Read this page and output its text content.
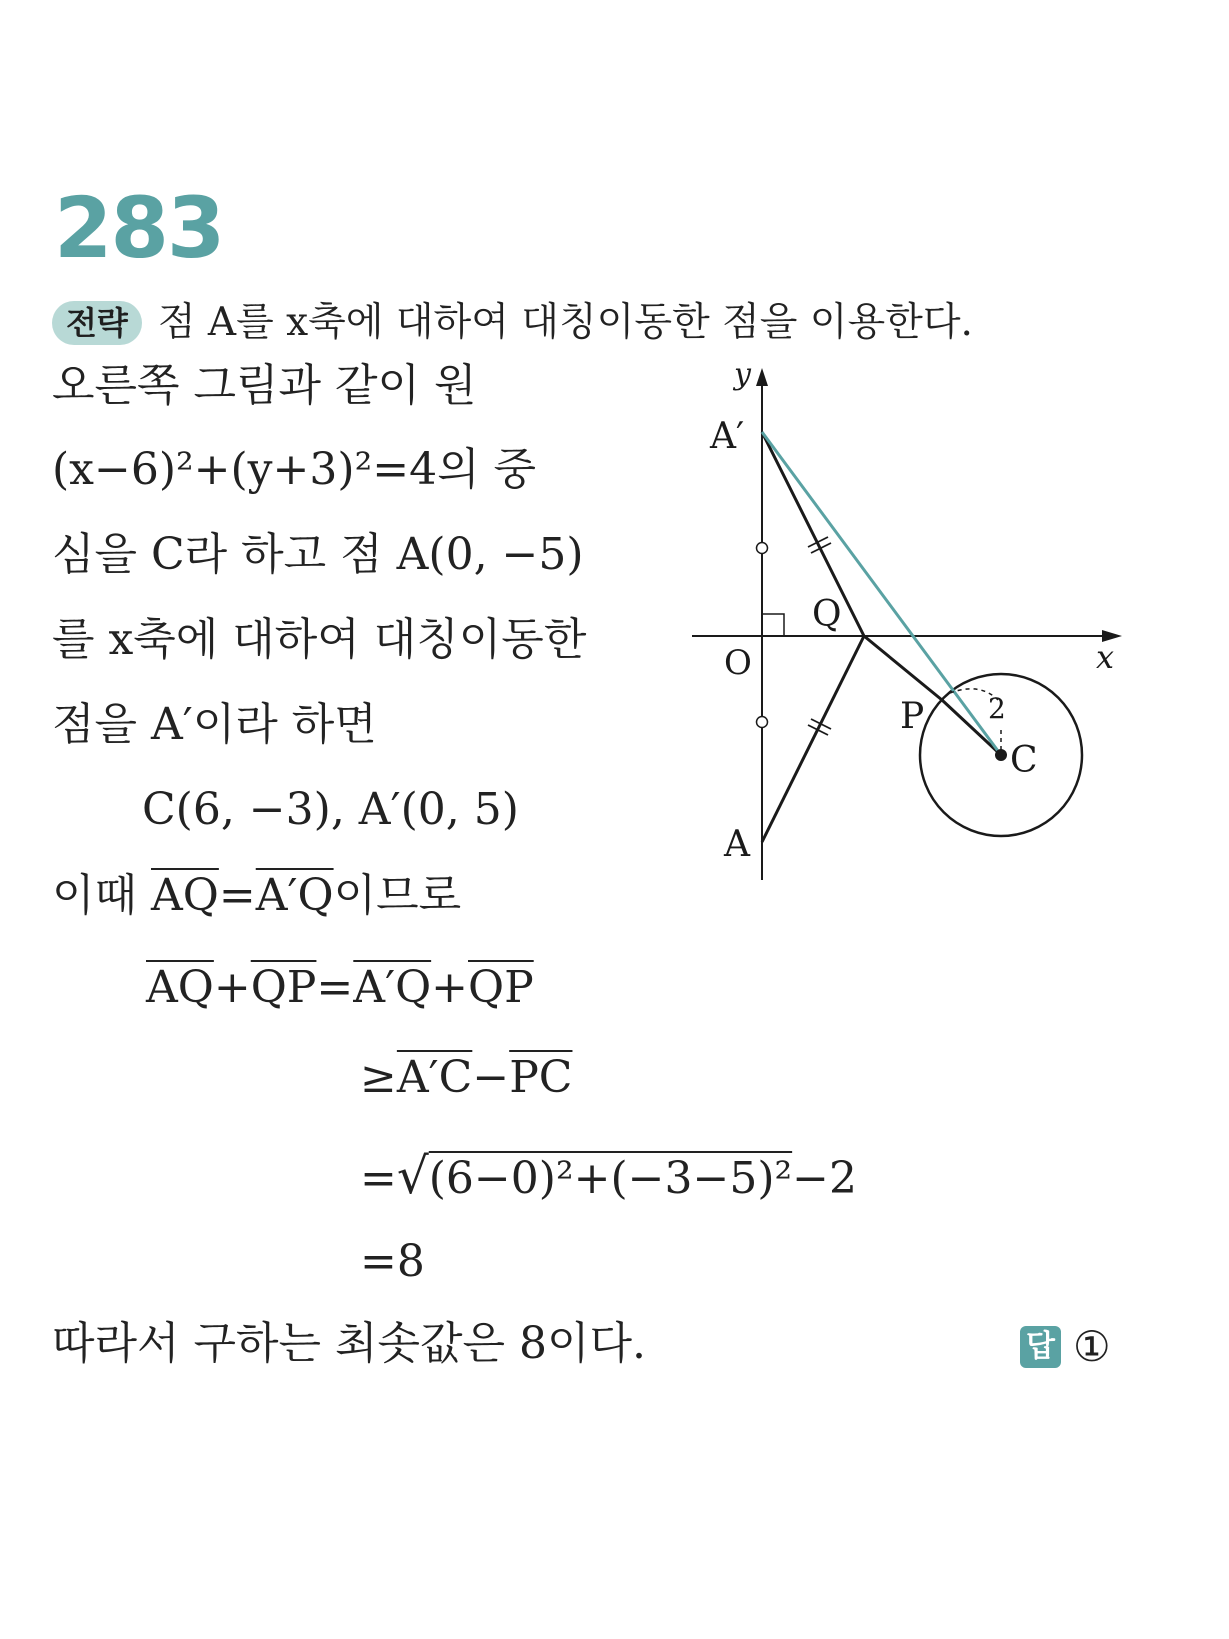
283
전략 점 A를 x축에 대하여 대칭이동한 점을 이용한다.
오른쪽 그림과 같이 원
(x−6)²+(y+3)²=4의 중
심을 C라 하고 점 A(0, −5)
를 x축에 대하여 대칭이동한
점을 A′이라 하면
C(6, −3), A′(0, 5)
이때 $\overline{AQ}=A'Q$이므로
$\overline{AQ}+\overline{QP}=A'Q+\overline{QP}$
$\ge A'C-\overline{PC}$
=√(6−0)²+(−3−5)²−2
=8
따라서 구하는 최솟값은 8이다.	답 ①
y
x
O
A′
A
Q
P
C
2
